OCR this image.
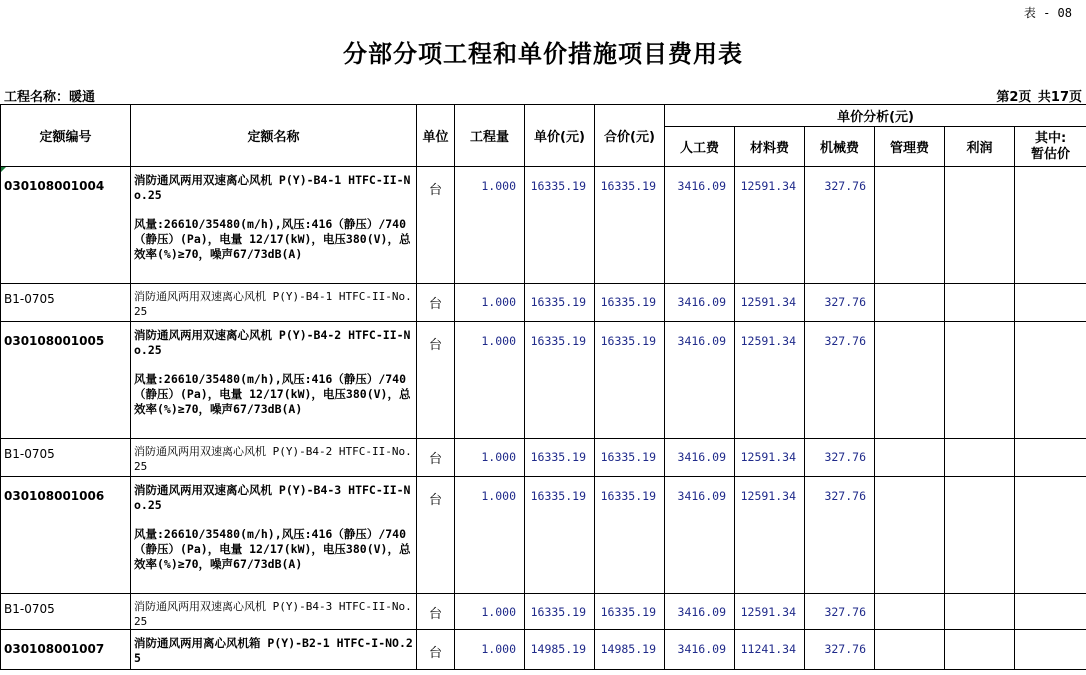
表 - 08
分部分项工程和单价措施项目费用表
工程名称：暖通	第2页 共17页
定额编号	定额名称	单位	工程量	单价(元)	合价(元)	单价分析(元)					
						人工费	材料费	机械费	管理费	利润	其中:
暂估价

030108001004	消防通风两用双速离心风机 P(Y)-B4-1 HTFC-II-No.25
风量:26610/35480(m/h),风压:416（静压）/740（静压）(Pa)，电量 12/17(kW)，电压380(V)，总效率(%)≥70，噪声67/73dB(A)	台	1.000	16335.19	16335.19	3416.09	12591.34	327.76			

B1-0705	消防通风两用双速离心风机 P(Y)-B4-1 HTFC-II-No.25	台	1.000	16335.19	16335.19	3416.09	12591.34	327.76			

030108001005	消防通风两用双速离心风机 P(Y)-B4-2 HTFC-II-No.25
风量:26610/35480(m/h),风压:416（静压）/740（静压）(Pa)，电量 12/17(kW)，电压380(V)，总效率(%)≥70，噪声67/73dB(A)	台	1.000	16335.19	16335.19	3416.09	12591.34	327.76			

B1-0705	消防通风两用双速离心风机 P(Y)-B4-2 HTFC-II-No.25	台	1.000	16335.19	16335.19	3416.09	12591.34	327.76			

030108001006	消防通风两用双速离心风机 P(Y)-B4-3 HTFC-II-No.25
风量:26610/35480(m/h),风压:416（静压）/740（静压）(Pa)，电量 12/17(kW)，电压380(V)，总效率(%)≥70，噪声67/73dB(A)	台	1.000	16335.19	16335.19	3416.09	12591.34	327.76			

B1-0705	消防通风两用双速离心风机 P(Y)-B4-3 HTFC-II-No.25	台	1.000	16335.19	16335.19	3416.09	12591.34	327.76			

030108001007	消防通风两用离心风机箱 P(Y)-B2-1 HTFC-I-NO.25	台	1.000	14985.19	14985.19	3416.09	11241.34	327.76			
